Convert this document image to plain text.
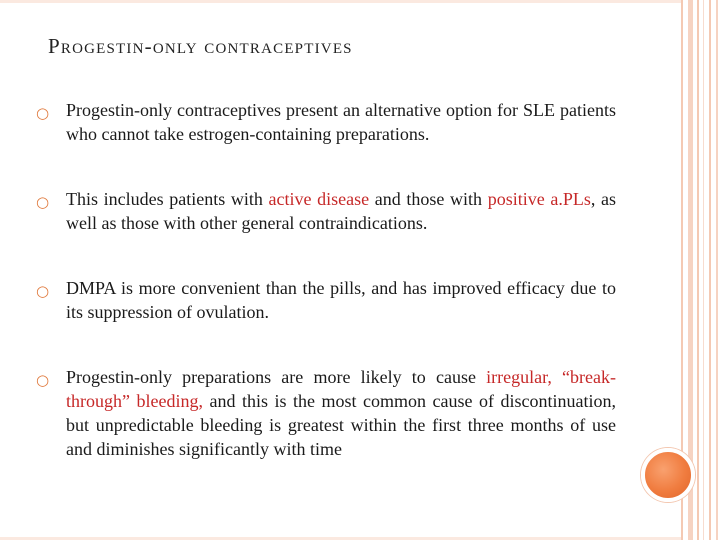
Progestin-only contraceptives
○ Progestin-only contraceptives present an alternative option for SLE patients who cannot take estrogen-containing preparations.
○ This includes patients with active disease and those with positive a.PLs, as well as those with other general contraindications.
○ DMPA is more convenient than the pills, and has improved efficacy due to its suppression of ovulation.
○ Progestin-only preparations are more likely to cause irregular, “break-through” bleeding, and this is the most common cause of discontinuation, but unpredictable bleeding is greatest within the first three months of use and diminishes significantly with time
